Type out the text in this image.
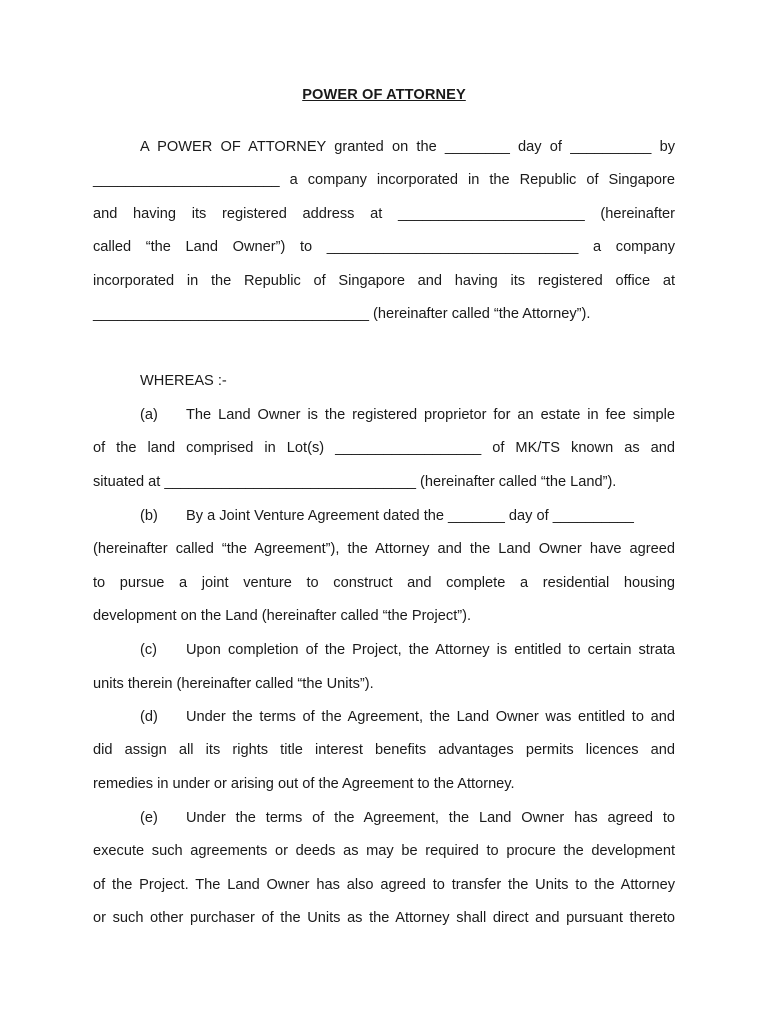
POWER OF ATTORNEY
A POWER OF ATTORNEY granted on the ________ day of __________ by
_______________________ a company incorporated in the Republic of Singapore
and having its registered address at _______________________ (hereinafter
called “the Land Owner”) to _______________________________ a company
incorporated in the Republic of Singapore and having its registered office at
__________________________________ (hereinafter called “the Attorney”).
WHEREAS :-
(a) The Land Owner is the registered proprietor for an estate in fee simple
of the land comprised in Lot(s) __________________ of MK/TS known as and
situated at _______________________________ (hereinafter called “the Land”).
(b) By a Joint Venture Agreement dated the _______ day of __________
(hereinafter called “the Agreement”), the Attorney and the Land Owner have agreed
to pursue a joint venture to construct and complete a residential housing
development on the Land (hereinafter called “the Project”).
(c) Upon completion of the Project, the Attorney is entitled to certain strata
units therein (hereinafter called “the Units”).
(d) Under the terms of the Agreement, the Land Owner was entitled to and
did assign all its rights title interest benefits advantages permits licences and
remedies in under or arising out of the Agreement to the Attorney.
(e) Under the terms of the Agreement, the Land Owner has agreed to
execute such agreements or deeds as may be required to procure the development
of the Project. The Land Owner has also agreed to transfer the Units to the Attorney
or such other purchaser of the Units as the Attorney shall direct and pursuant thereto
